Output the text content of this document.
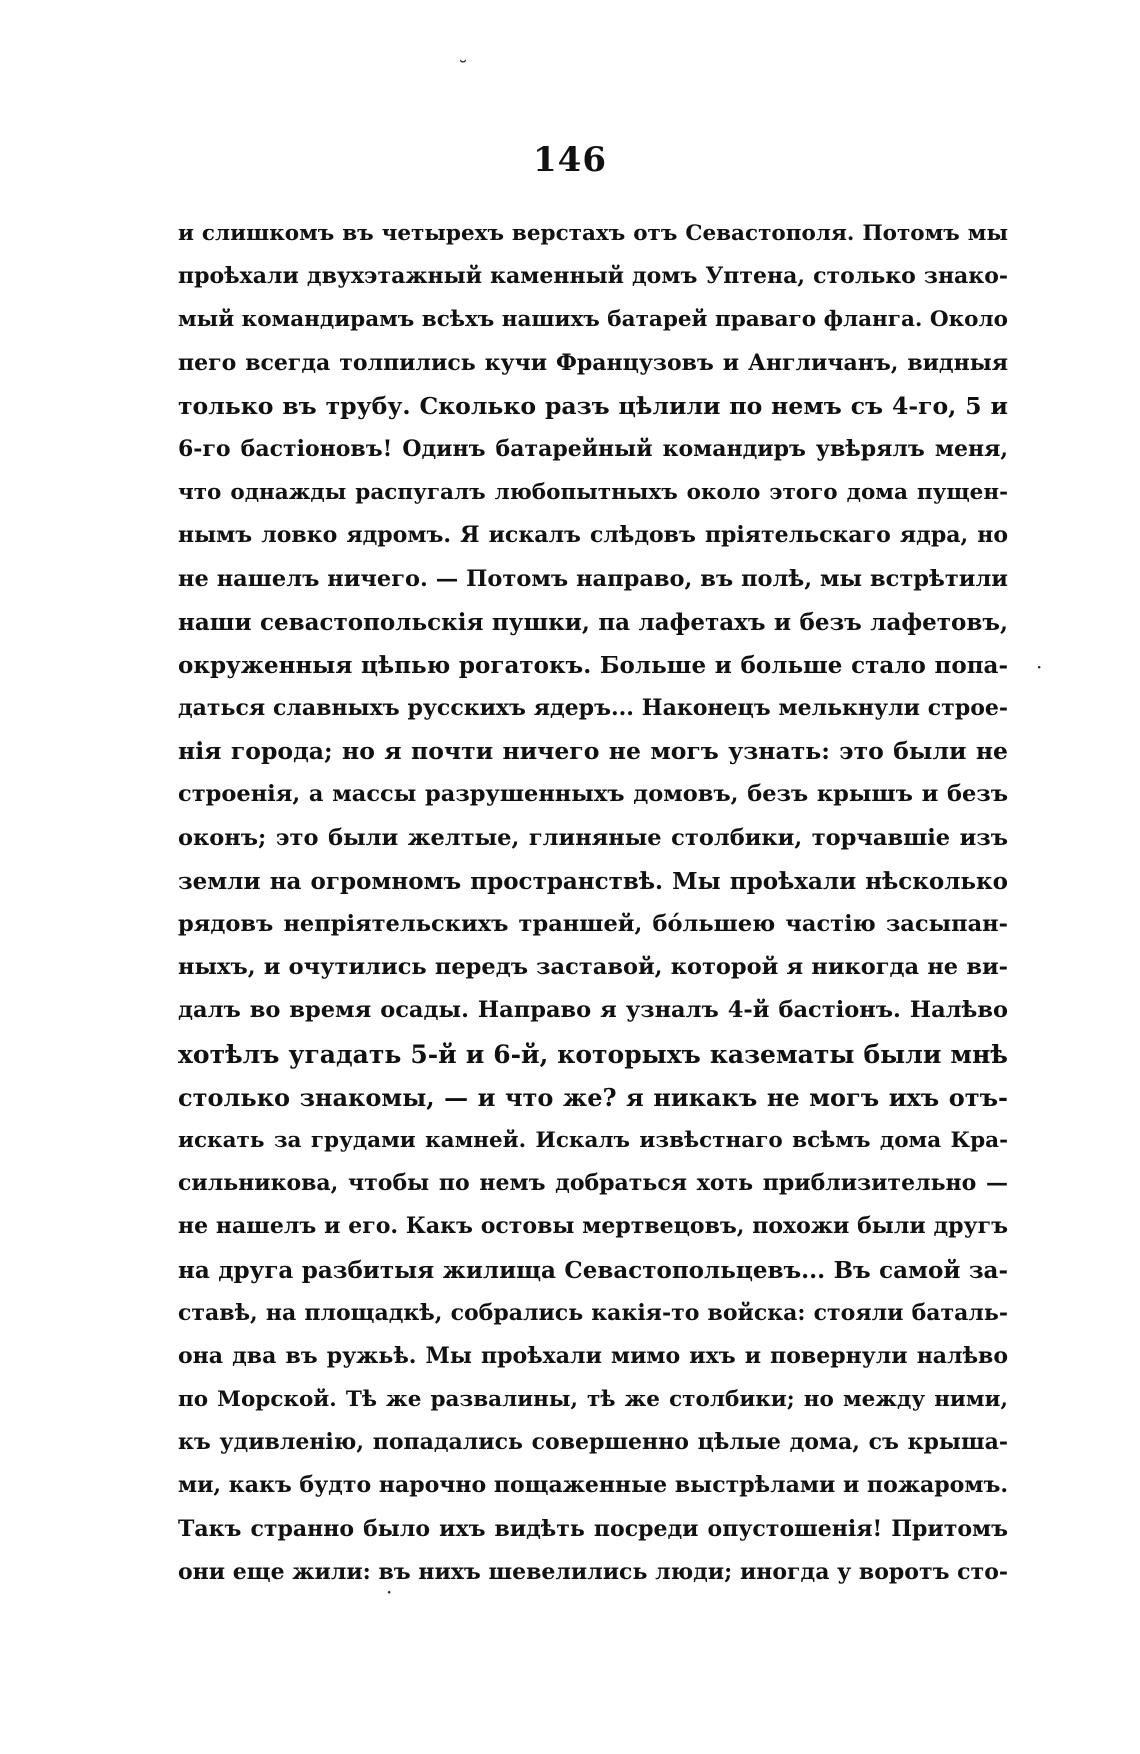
˘
146
и слишкомъ въ четырехъ верстахъ отъ Севастополя. Потомъ мы
проѣхали двухэтажный каменный домъ Уптена, столько знако-
мый командирамъ всѣхъ нашихъ батарей праваго фланга. Около
пего всегда толпились кучи Французовъ и Англичанъ, видныя
только въ трубу. Сколько разъ цѣлили по немъ съ 4-го, 5 и
6-го бастіоновъ! Одинъ батарейный командиръ увѣрялъ меня,
что однажды распугалъ любопытныхъ около этого дома пущен-
нымъ ловко ядромъ. Я искалъ слѣдовъ пріятельскаго ядра, но
не нашелъ ничего. — Потомъ направо, въ полѣ, мы встрѣтили
наши севастопольскія пушки, па лафетахъ и безъ лафетовъ,
окруженныя цѣпью рогатокъ. Больше и больше стало попа-
даться славныхъ русскихъ ядеръ... Наконецъ мелькнули строе-
нія города; но я почти ничего не могъ узнать: это были не
строенія, а массы разрушенныхъ домовъ, безъ крышъ и безъ
оконъ; это были желтые, глиняные столбики, торчавшіе изъ
земли на огромномъ пространствѣ. Мы проѣхали нѣсколько
рядовъ непріятельскихъ траншей, бо́льшею частію засыпан-
ныхъ, и очутились передъ заставой, которой я никогда не ви-
далъ во время осады. Направо я узналъ 4-й бастіонъ. Налѣво
хотѣлъ угадать 5-й и 6-й, которыхъ казематы были мнѣ
столько знакомы, — и что же? я никакъ не могъ ихъ отъ-
искать за грудами камней. Искалъ извѣстнаго всѣмъ дома Кра-
сильникова, чтобы по немъ добраться хоть приблизительно —
не нашелъ и его. Какъ остовы мертвецовъ, похожи были другъ
на друга разбитыя жилища Севастопольцевъ... Въ самой за-
ставѣ, на площадкѣ, собрались какія-то войска: стояли баталь-
она два въ ружьѣ. Мы проѣхали мимо ихъ и повернули налѣво
по Морской. Тѣ же развалины, тѣ же столбики; но между ними,
къ удивленію, попадались совершенно цѣлые дома, съ крыша-
ми, какъ будто нарочно пощаженные выстрѣлами и пожаромъ.
Такъ странно было ихъ видѣть посреди опустошенія! Притомъ
они еще жили: въ нихъ шевелились люди; иногда у воротъ сто-
·
·
